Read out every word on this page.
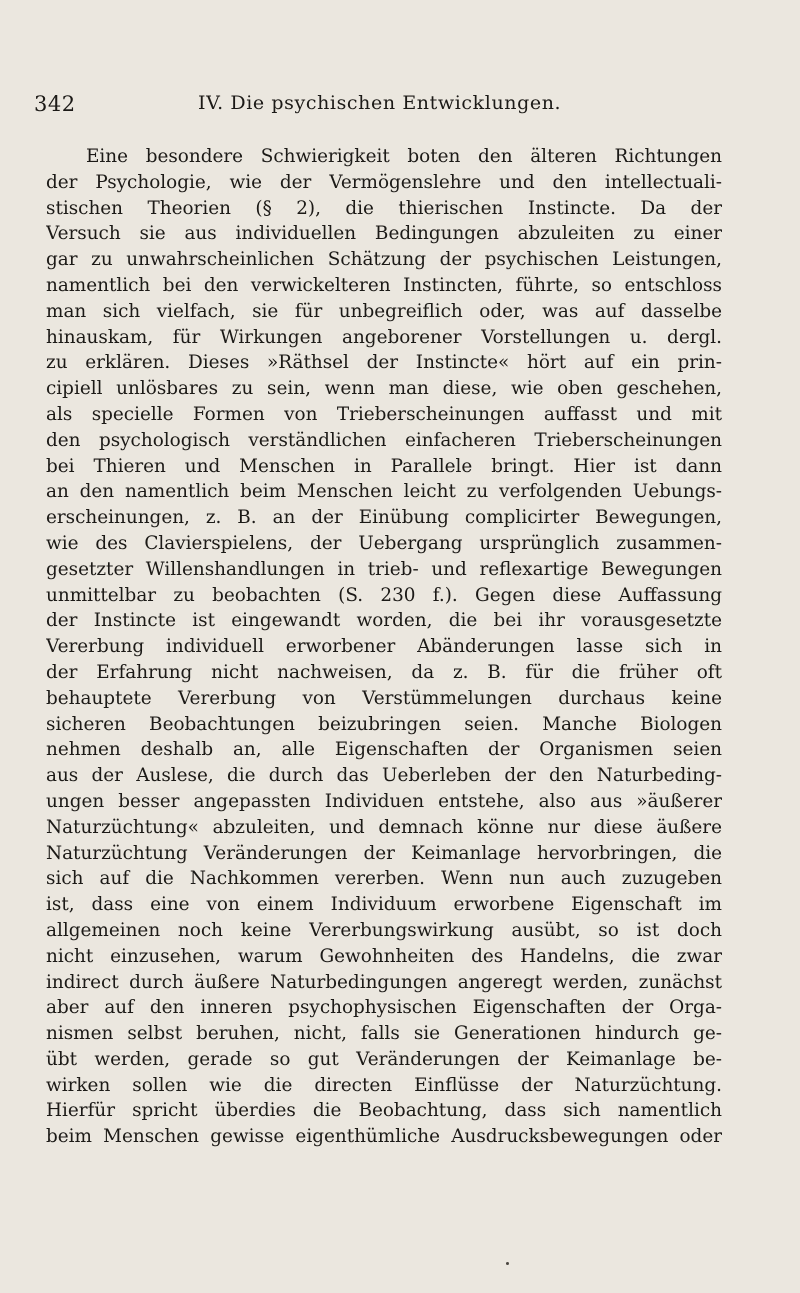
342	IV. Die psychischen Entwicklungen.
Eine besondere Schwierigkeit boten den älteren Richtungen
der Psychologie, wie der Vermögenslehre und den intellectuali-
stischen Theorien (§ 2), die thierischen Instincte. Da der
Versuch sie aus individuellen Bedingungen abzuleiten zu einer
gar zu unwahrscheinlichen Schätzung der psychischen Leistungen,
namentlich bei den verwickelteren Instincten, führte, so entschloss
man sich vielfach, sie für unbegreiflich oder, was auf dasselbe
hinauskam, für Wirkungen angeborener Vorstellungen u. dergl.
zu erklären. Dieses »Räthsel der Instincte« hört auf ein prin-
cipiell unlösbares zu sein, wenn man diese, wie oben geschehen,
als specielle Formen von Trieberscheinungen auffasst und mit
den psychologisch verständlichen einfacheren Trieberscheinungen
bei Thieren und Menschen in Parallele bringt. Hier ist dann
an den namentlich beim Menschen leicht zu verfolgenden Uebungs-
erscheinungen, z. B. an der Einübung complicirter Bewegungen,
wie des Clavierspielens, der Uebergang ursprünglich zusammen-
gesetzter Willenshandlungen in trieb- und reflexartige Bewegungen
unmittelbar zu beobachten (S. 230 f.). Gegen diese Auffassung
der Instincte ist eingewandt worden, die bei ihr vorausgesetzte
Vererbung individuell erworbener Abänderungen lasse sich in
der Erfahrung nicht nachweisen, da z. B. für die früher oft
behauptete Vererbung von Verstümmelungen durchaus keine
sicheren Beobachtungen beizubringen seien. Manche Biologen
nehmen deshalb an, alle Eigenschaften der Organismen seien
aus der Auslese, die durch das Ueberleben der den Naturbeding-
ungen besser angepassten Individuen entstehe, also aus »äußerer
Naturzüchtung« abzuleiten, und demnach könne nur diese äußere
Naturzüchtung Veränderungen der Keimanlage hervorbringen, die
sich auf die Nachkommen vererben. Wenn nun auch zuzugeben
ist, dass eine von einem Individuum erworbene Eigenschaft im
allgemeinen noch keine Vererbungswirkung ausübt, so ist doch
nicht einzusehen, warum Gewohnheiten des Handelns, die zwar
indirect durch äußere Naturbedingungen angeregt werden, zunächst
aber auf den inneren psychophysischen Eigenschaften der Orga-
nismen selbst beruhen, nicht, falls sie Generationen hindurch ge-
übt werden, gerade so gut Veränderungen der Keimanlage be-
wirken sollen wie die directen Einflüsse der Naturzüchtung.
Hierfür spricht überdies die Beobachtung, dass sich namentlich
beim Menschen gewisse eigenthümliche Ausdrucksbewegungen oder
